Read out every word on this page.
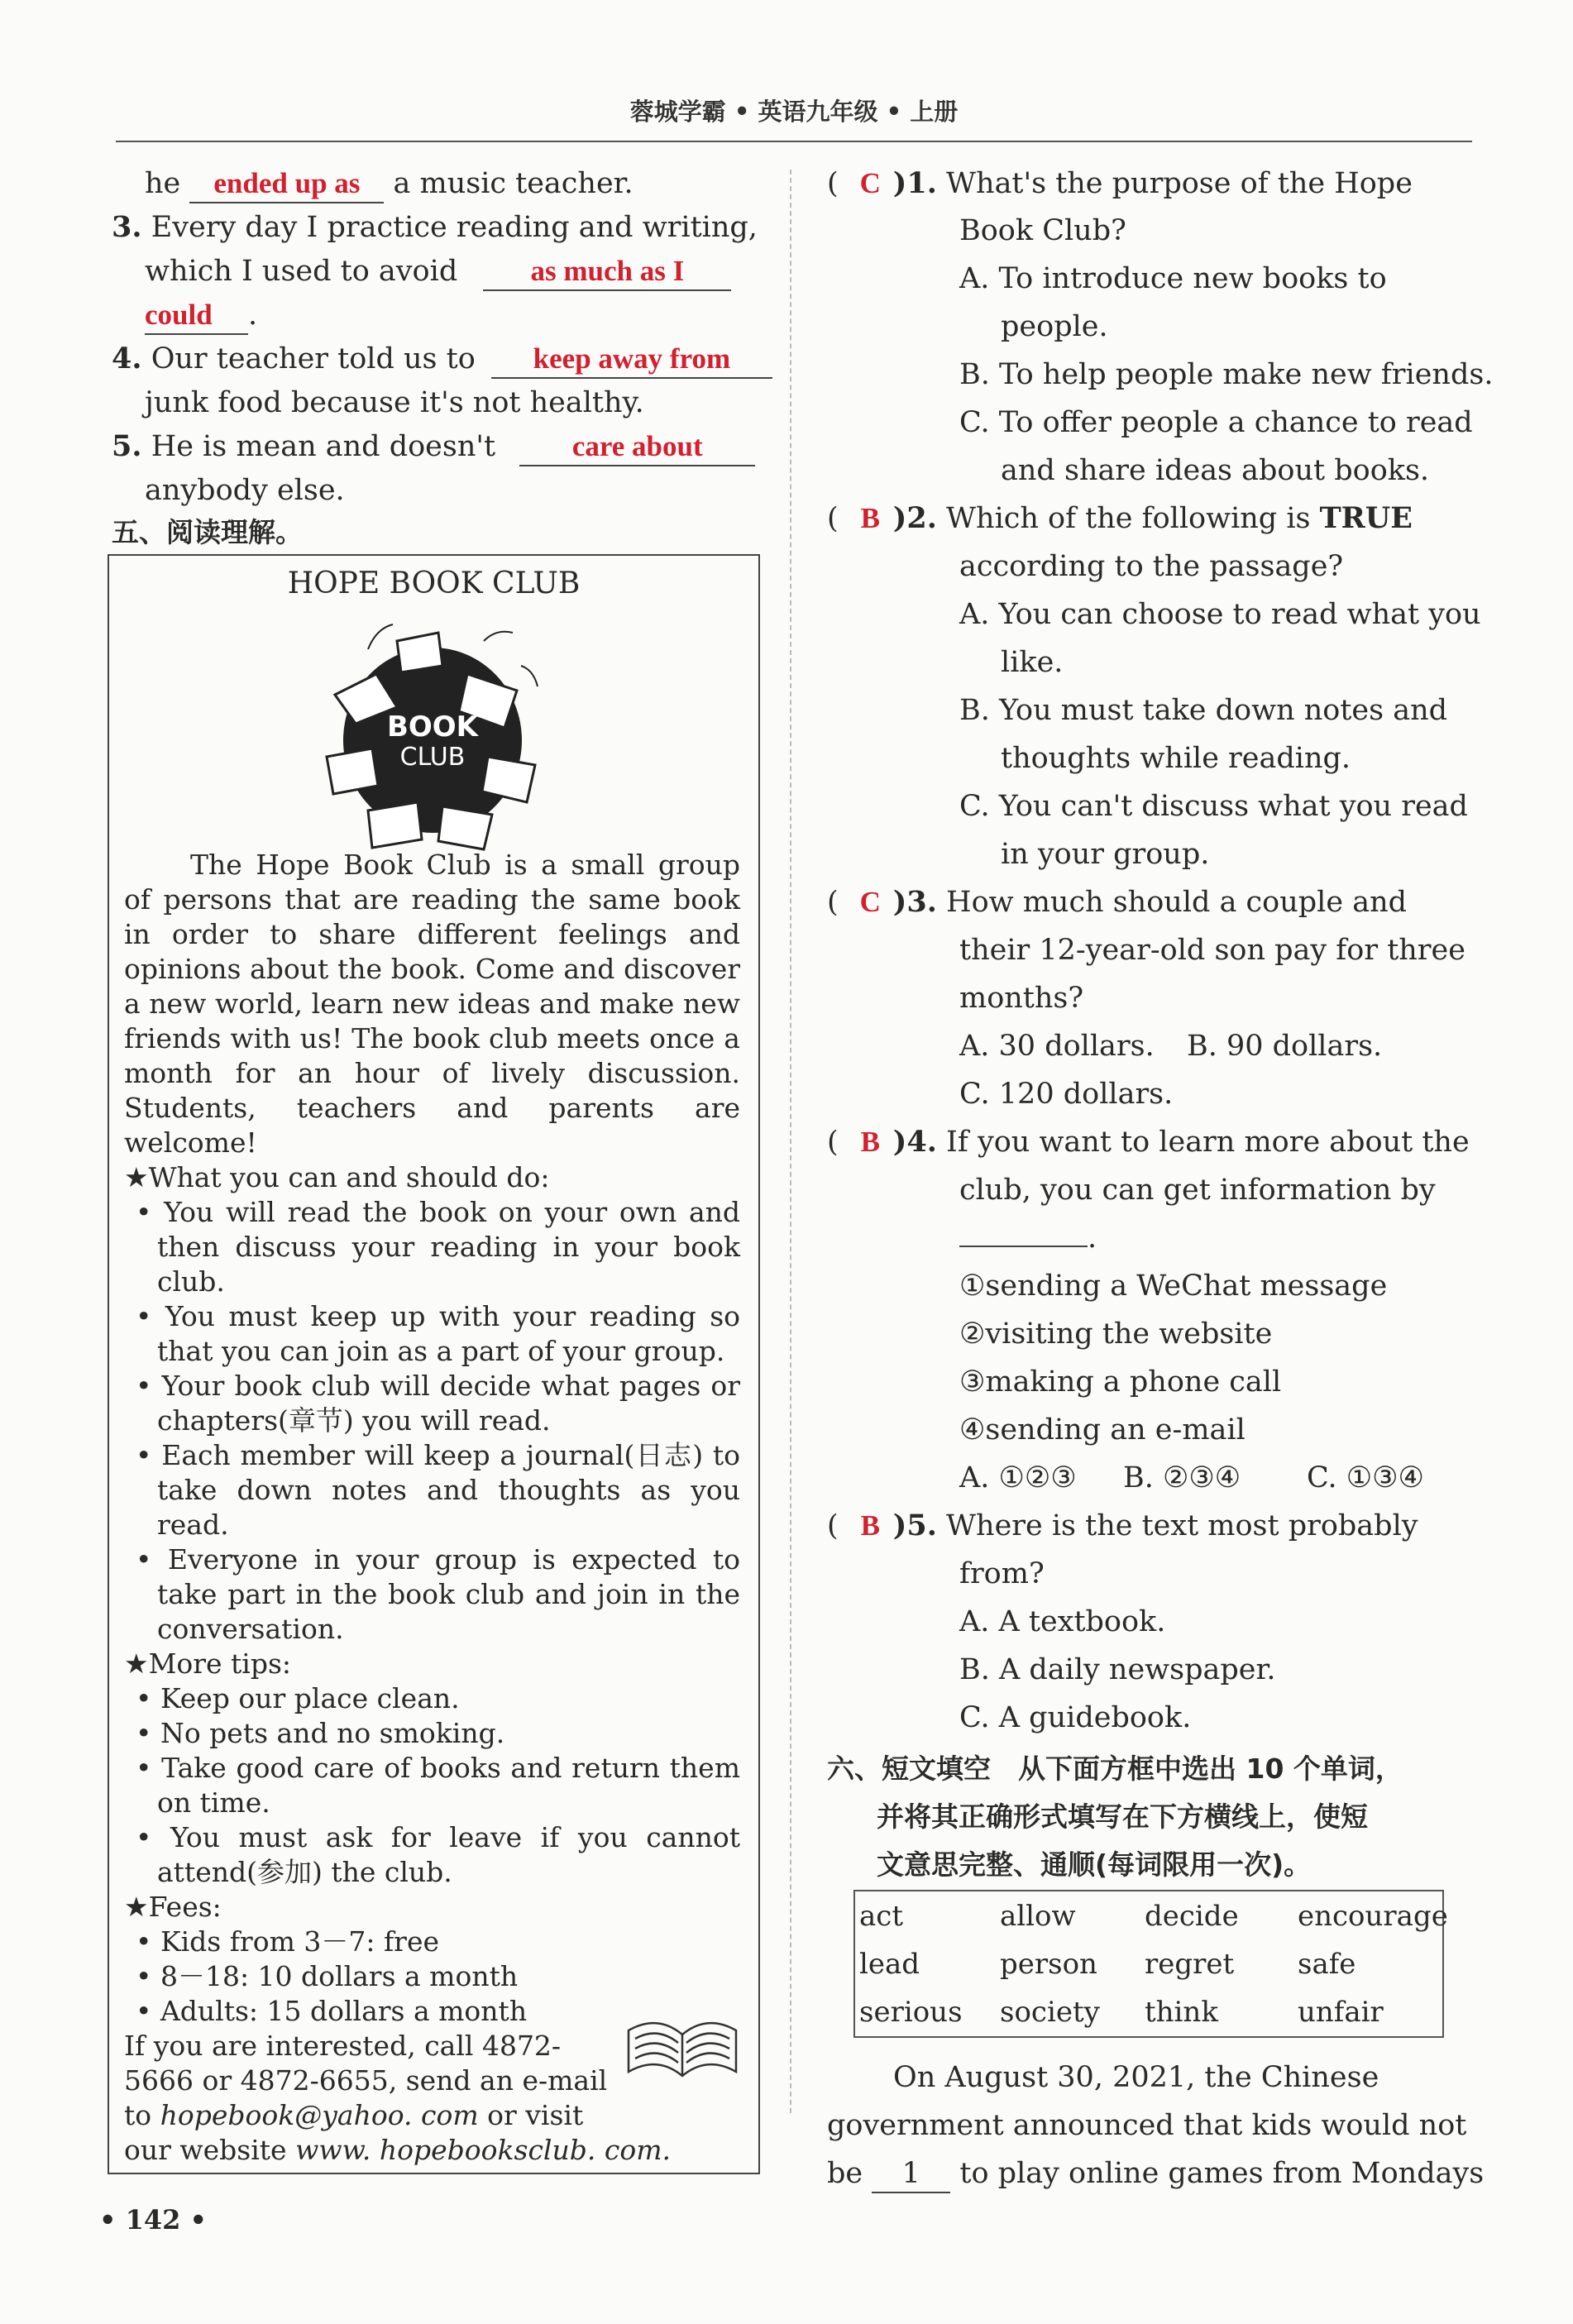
蓉城学霸 • 英语九年级 • 上册
he ended up as a music teacher.
3. Every day I practice reading and writing,
which I used to avoid	as much as I
could .
4. Our teacher told us to keep away from
junk food because it's not healthy.
5. He is mean and doesn't	care about
anybody else.
五、阅读理解。
HOPE BOOK CLUB
BOOK
CLUB

The Hope Book Club is a small group of persons that are reading the same book in order to share different feelings and opinions about the book. Come and discover a new world, learn new ideas and make new friends with us! The book club meets once a month for an hour of lively discussion. Students, teachers and parents are welcome!

★What you can and should do:

• You will read the book on your own and then discuss your reading in your book club.

• You must keep up with your reading so that you can join as a part of your group.

• Your book club will decide what pages or chapters(章节) you will read.

• Each member will keep a journal(日志) to take down notes and thoughts as you read.

• Everyone in your group is expected to take part in the book club and join in the conversation.

★More tips:

• Keep our place clean.

• No pets and no smoking.

• Take good care of books and return them on time.

• You must ask for leave if you cannot attend(参加) the club.

★Fees:

• Kids from 3－7: free

• 8－18: 10 dollars a month

• Adults: 15 dollars a month

If you are interested, call 4872-

5666 or 4872-6655, send an e-mail

to hopebook@yahoo. com or visit

our website www. hopebooksclub. com.

( C )1. What's the purpose of the Hope
Book Club?
A. To introduce new books to
people.
B. To help people make new friends.
C. To offer people a chance to read
and share ideas about books.
( B )2. Which of the following is TRUE
according to the passage?
A. You can choose to read what you
like.
B. You must take down notes and
thoughts while reading.
C. You can't discuss what you read
in your group.
( C )3. How much should a couple and
their 12-year-old son pay for three
months?
A. 30 dollars. B. 90 dollars.
C. 120 dollars.
( B )4. If you want to learn more about the
club, you can get information by
.
①sending a WeChat message
②visiting the website
③making a phone call
④sending an e-mail
A. ①②③ B. ②③④ C. ①③④
( B )5. Where is the text most probably
from?
A. A textbook.
B. A daily newspaper.
C. A guidebook.
六、短文填空　从下面方框中选出 10 个单词，
并将其正确形式填写在下方横线上，使短
文意思完整、通顺(每词限用一次)。
act	allow decide encourage
lead	person regret safe
serious society think	unfair
On August 30, 2021, the Chinese
government announced that kids would not
be 1 to play online games from Mondays
• 142 •
